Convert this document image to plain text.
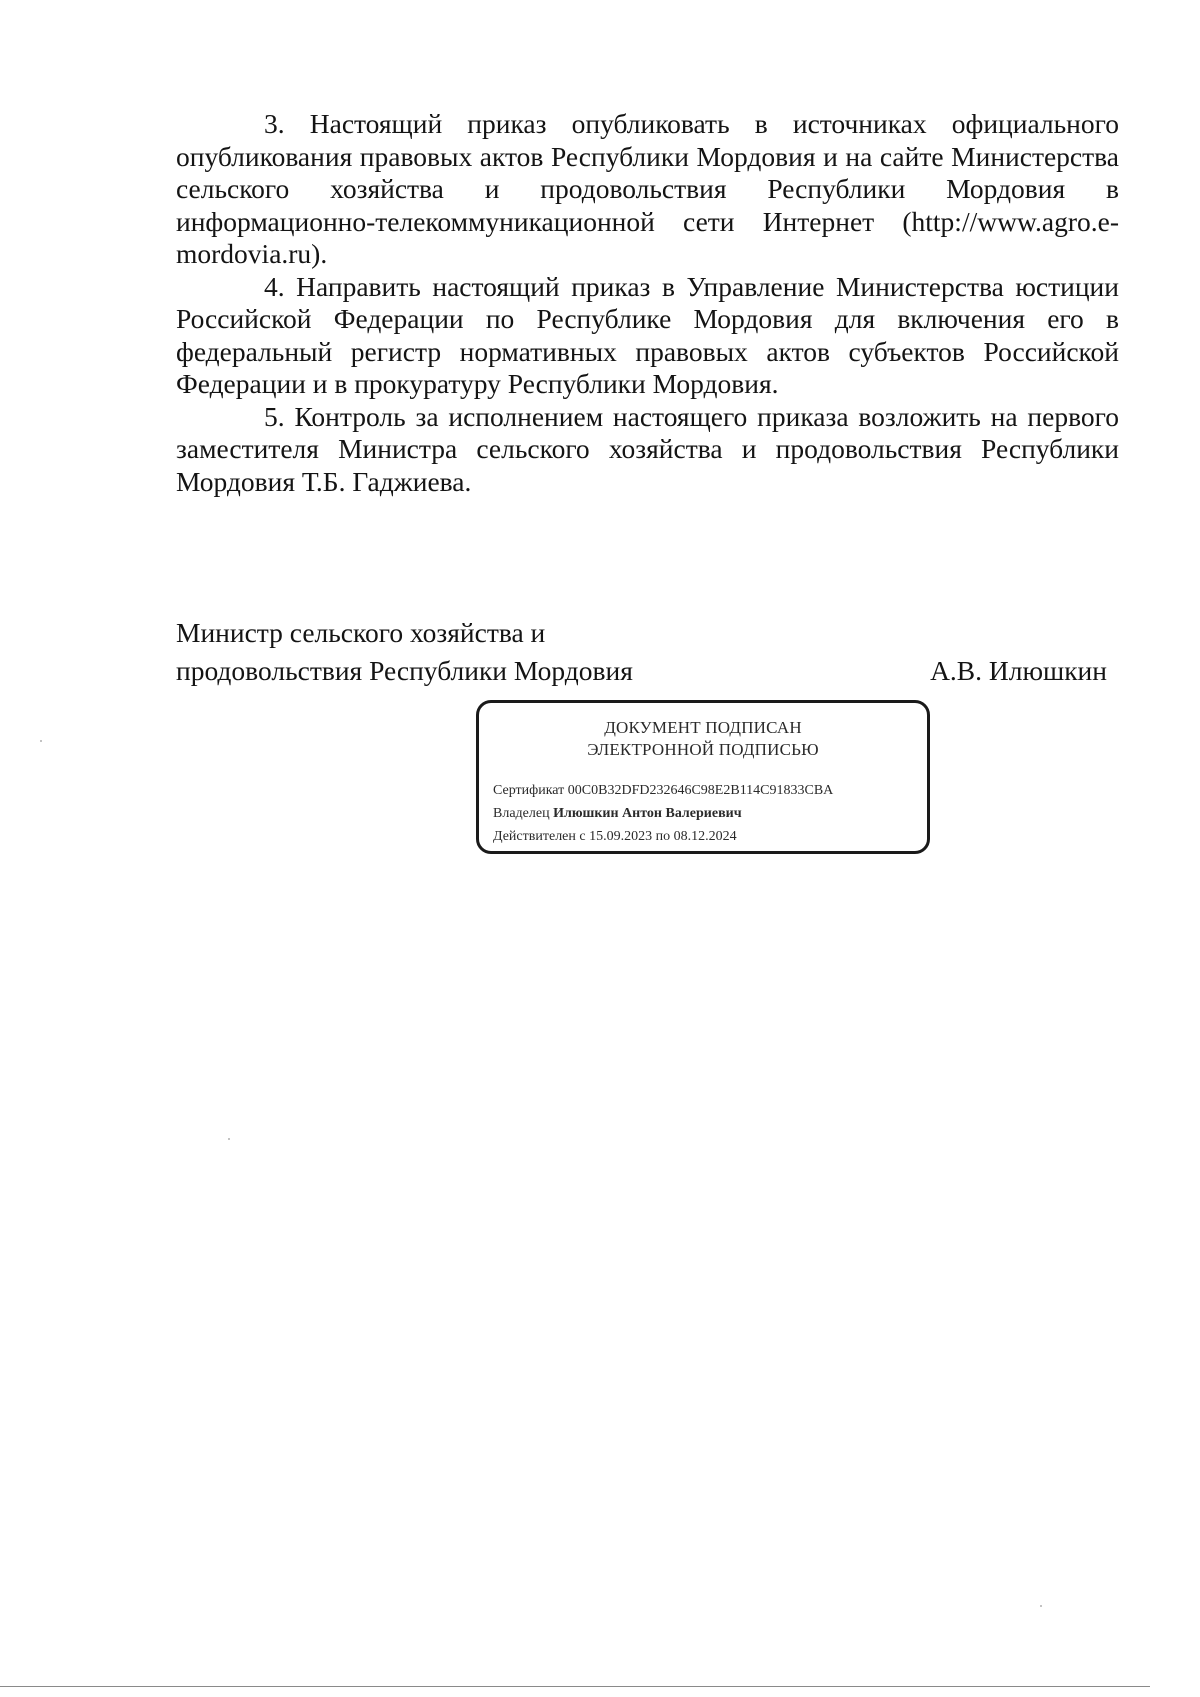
3. Настоящий приказ опубликовать в источниках официального опубликования правовых актов Республики Мордовия и на сайте Министерства сельского хозяйства и продовольствия Республики Мордовия в информационно-телекоммуникационной сети Интернет (http://www.agro.e-mordovia.ru).

4. Направить настоящий приказ в Управление Министерства юстиции Российской Федерации по Республике Мордовия для включения его в федеральный регистр нормативных правовых актов субъектов Российской Федерации и в прокуратуру Республики Мордовия.

5. Контроль за исполнением настоящего приказа возложить на первого заместителя Министра сельского хозяйства и продовольствия Республики Мордовия Т.Б. Гаджиева.

Министр сельского хозяйства и
продовольствия Республики Мордовия	А.В. Илюшкин
ДОКУМЕНТ ПОДПИСАН
ЭЛЕКТРОННОЙ ПОДПИСЬЮ
Сертификат 00C0B32DFD232646C98E2B114C91833CBA
Владелец Илюшкин Антон Валериевич
Действителен с 15.09.2023 по 08.12.2024
